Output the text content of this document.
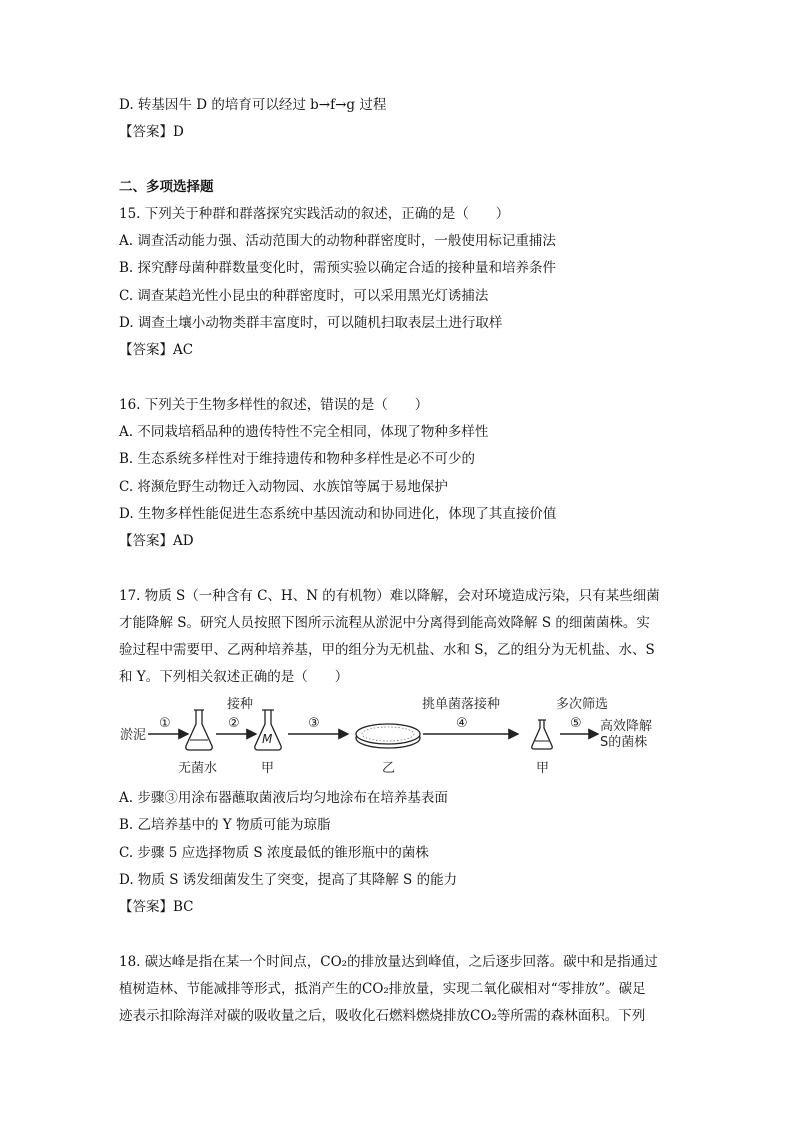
D. 转基因牛 D 的培育可以经过 b→f→g 过程
【答案】D
二、多项选择题
15. 下列关于种群和群落探究实践活动的叙述，正确的是（　　）
A. 调查活动能力强、活动范围大的动物种群密度时，一般使用标记重捕法
B. 探究酵母菌种群数量变化时，需预实验以确定合适的接种量和培养条件
C. 调查某趋光性小昆虫的种群密度时，可以采用黑光灯诱捕法
D. 调查土壤小动物类群丰富度时，可以随机扫取表层土进行取样
【答案】AC
16. 下列关于生物多样性的叙述，错误的是（　　）
A. 不同栽培稻品种的遗传特性不完全相同，体现了物种多样性
B. 生态系统多样性对于维持遗传和物种多样性是必不可少的
C. 将濒危野生动物迁入动物园、水族馆等属于易地保护
D. 生物多样性能促进生态系统中基因流动和协同进化，体现了其直接价值
【答案】AD
17. 物质 S（一种含有 C、H、N 的有机物）难以降解，会对环境造成污染，只有某些细菌
才能降解 S。研究人员按照下图所示流程从淤泥中分离得到能高效降解 S 的细菌菌株。实
验过程中需要甲、乙两种培养基，甲的组分为无机盐、水和 S，乙的组分为无机盐、水、S
和 Y。下列相关叙述正确的是（　　）
淤泥
①
无菌水
②
接种
M
甲
③
乙
④
挑单菌落接种
甲
⑤
多次筛选
高效降解
S的菌株
A. 步骤③用涂布器蘸取菌液后均匀地涂布在培养基表面
B. 乙培养基中的 Y 物质可能为琼脂
C. 步骤 5 应选择物质 S 浓度最低的锥形瓶中的菌株
D. 物质 S 诱发细菌发生了突变，提高了其降解 S 的能力
【答案】BC
18. 碳达峰是指在某一个时间点，CO₂的排放量达到峰值，之后逐步回落。碳中和是指通过
植树造林、节能减排等形式，抵消产生的CO₂排放量，实现二氧化碳相对“零排放”。碳足
迹表示扣除海洋对碳的吸收量之后，吸收化石燃料燃烧排放CO₂等所需的森林面积。下列
